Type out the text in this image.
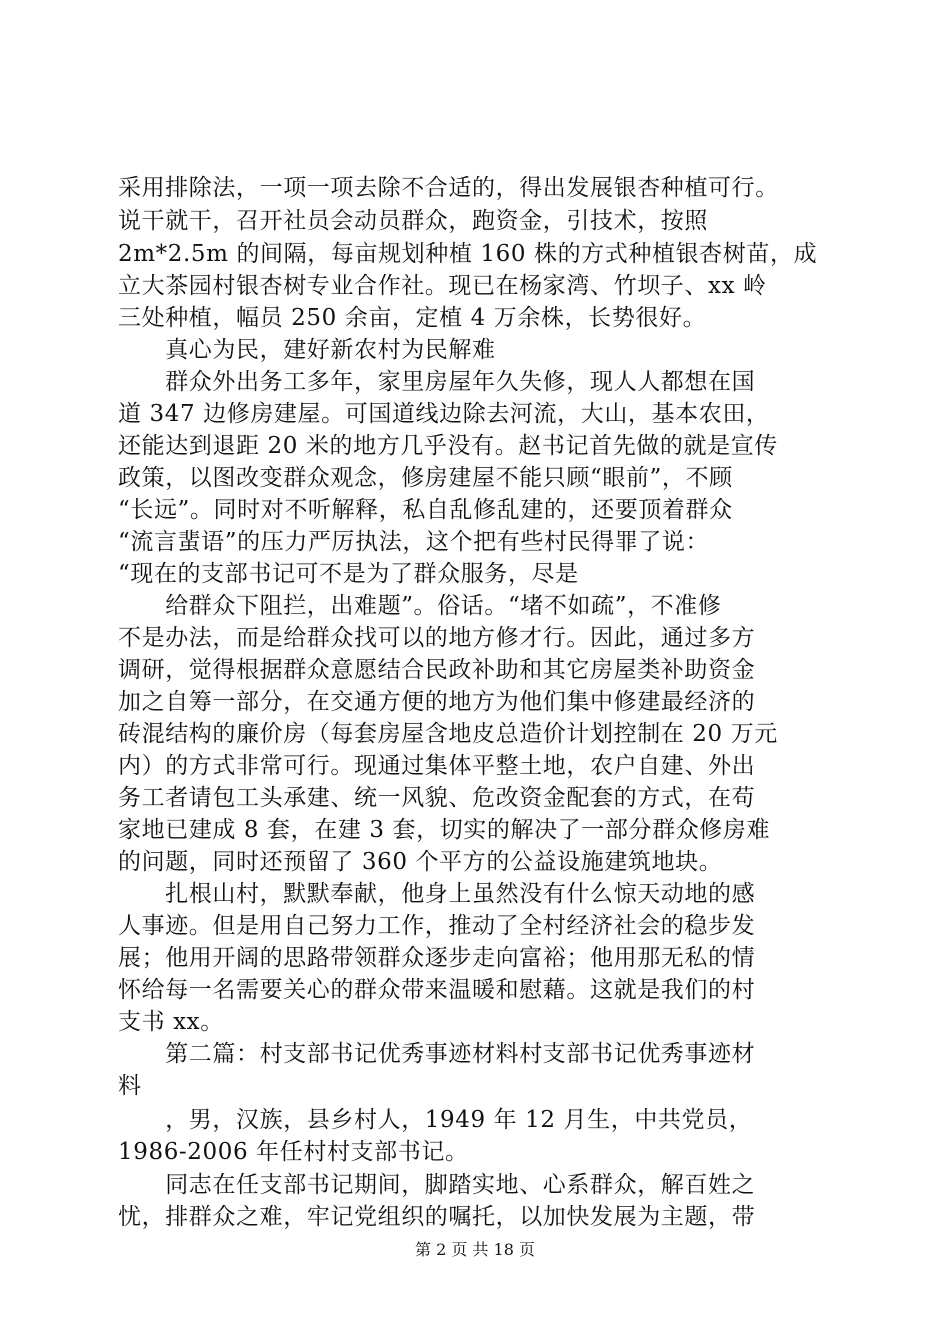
采用排除法，一项一项去除不合适的，得出发展银杏种植可行。
说干就干，召开社员会动员群众，跑资金，引技术，按照
2m*2.5m 的间隔，每亩规划种植 160 株的方式种植银杏树苗，成
立大茶园村银杏树专业合作社。现已在杨家湾、竹坝子、xx 岭
三处种植，幅员 250 余亩，定植 4 万余株，长势很好。
　　真心为民，建好新农村为民解难
　　群众外出务工多年，家里房屋年久失修，现人人都想在国
道 347 边修房建屋。可国道线边除去河流，大山，基本农田，
还能达到退距 20 米的地方几乎没有。赵书记首先做的就是宣传
政策，以图改变群众观念，修房建屋不能只顾“眼前”，不顾
“长远”。同时对不听解释，私自乱修乱建的，还要顶着群众
“流言蜚语”的压力严厉执法，这个把有些村民得罪了说：
“现在的支部书记可不是为了群众服务，尽是
　　给群众下阻拦，出难题”。俗话。“堵不如疏”，不准修
不是办法，而是给群众找可以的地方修才行。因此，通过多方
调研，觉得根据群众意愿结合民政补助和其它房屋类补助资金
加之自筹一部分，在交通方便的地方为他们集中修建最经济的
砖混结构的廉价房（每套房屋含地皮总造价计划控制在 20 万元
内）的方式非常可行。现通过集体平整土地，农户自建、外出
务工者请包工头承建、统一风貌、危改资金配套的方式，在苟
家地已建成 8 套，在建 3 套，切实的解决了一部分群众修房难
的问题，同时还预留了 360 个平方的公益设施建筑地块。
　　扎根山村，默默奉献，他身上虽然没有什么惊天动地的感
人事迹。但是用自己努力工作，推动了全村经济社会的稳步发
展；他用开阔的思路带领群众逐步走向富裕；他用那无私的情
怀给每一名需要关心的群众带来温暖和慰藉。这就是我们的村
支书 xx。
　　第二篇：村支部书记优秀事迹材料村支部书记优秀事迹材
料
　　，男，汉族，县乡村人，1949 年 12 月生，中共党员，
1986-2006 年任村村支部书记。
　　同志在任支部书记期间，脚踏实地、心系群众，解百姓之
忧，排群众之难，牢记党组织的嘱托，以加快发展为主题，带
第 2 页 共 18 页
